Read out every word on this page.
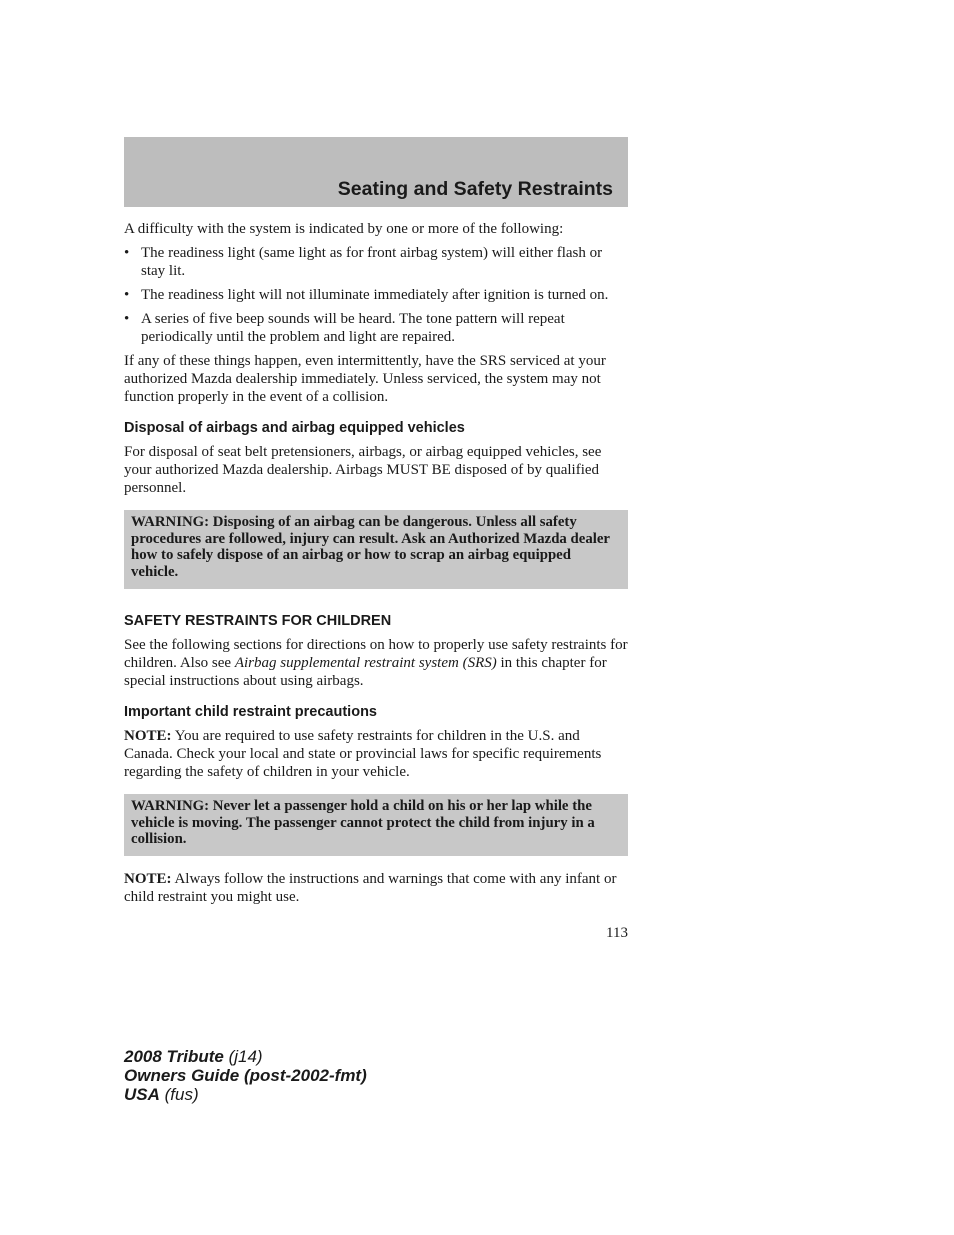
Seating and Safety Restraints

A difficulty with the system is indicated by one or more of the following:

• The readiness light (same light as for front airbag system) will either flash or stay lit.
• The readiness light will not illuminate immediately after ignition is turned on.
• A series of five beep sounds will be heard. The tone pattern will repeat periodically until the problem and light are repaired.

If any of these things happen, even intermittently, have the SRS serviced at your authorized Mazda dealership immediately. Unless serviced, the system may not function properly in the event of a collision.

Disposal of airbags and airbag equipped vehicles

For disposal of seat belt pretensioners, airbags, or airbag equipped vehicles, see your authorized Mazda dealership. Airbags MUST BE disposed of by qualified personnel.

WARNING: Disposing of an airbag can be dangerous. Unless all safety procedures are followed, injury can result. Ask an Authorized Mazda dealer how to safely dispose of an airbag or how to scrap an airbag equipped vehicle.
SAFETY RESTRAINTS FOR CHILDREN

See the following sections for directions on how to properly use safety restraints for children. Also see Airbag supplemental restraint system (SRS) in this chapter for special instructions about using airbags.

Important child restraint precautions

NOTE: You are required to use safety restraints for children in the U.S. and Canada. Check your local and state or provincial laws for specific requirements regarding the safety of children in your vehicle.

WARNING: Never let a passenger hold a child on his or her lap while the vehicle is moving. The passenger cannot protect the child from injury in a collision.

NOTE: Always follow the instructions and warnings that come with any infant or child restraint you might use.

113
2008 Tribute (j14)
Owners Guide (post-2002-fmt)
USA (fus)
